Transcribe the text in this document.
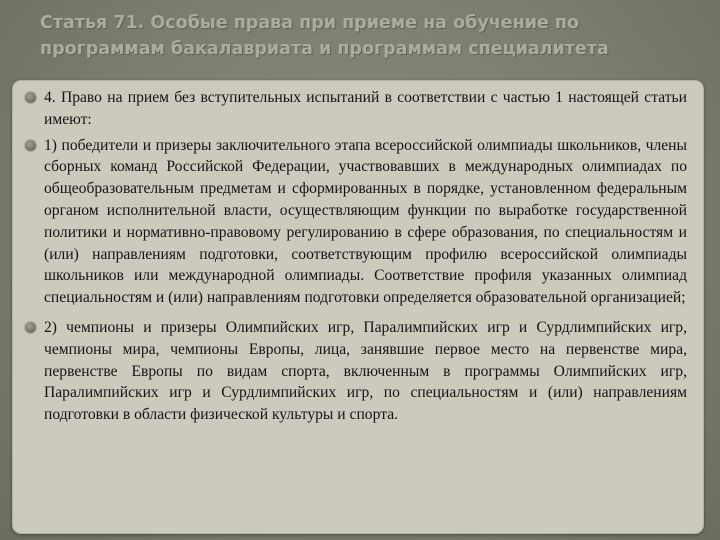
Статья 71. Особые права при приеме на обучение по программам бакалавриата и программам специалитета
4. Право на прием без вступительных испытаний в соответствии с частью 1 настоящей статьи имеют:
1) победители и призеры заключительного этапа всероссийской олимпиады школьников, члены сборных команд Российской Федерации, участвовавших в международных олимпиадах по общеобразовательным предметам и сформированных в порядке, установленном федеральным органом исполнительной власти, осуществляющим функции по выработке государственной политики и нормативно-правовому регулированию в сфере образования, по специальностям и (или) направлениям подготовки, соответствующим профилю всероссийской олимпиады школьников или международной олимпиады. Соответствие профиля указанных олимпиад специальностям и (или) направлениям подготовки определяется образовательной организацией;
2) чемпионы и призеры Олимпийских игр, Паралимпийских игр и Сурдлимпийских игр, чемпионы мира, чемпионы Европы, лица, занявшие первое место на первенстве мира, первенстве Европы по видам спорта, включенным в программы Олимпийских игр, Паралимпийских игр и Сурдлимпийских игр, по специальностям и (или) направлениям подготовки в области физической культуры и спорта.
